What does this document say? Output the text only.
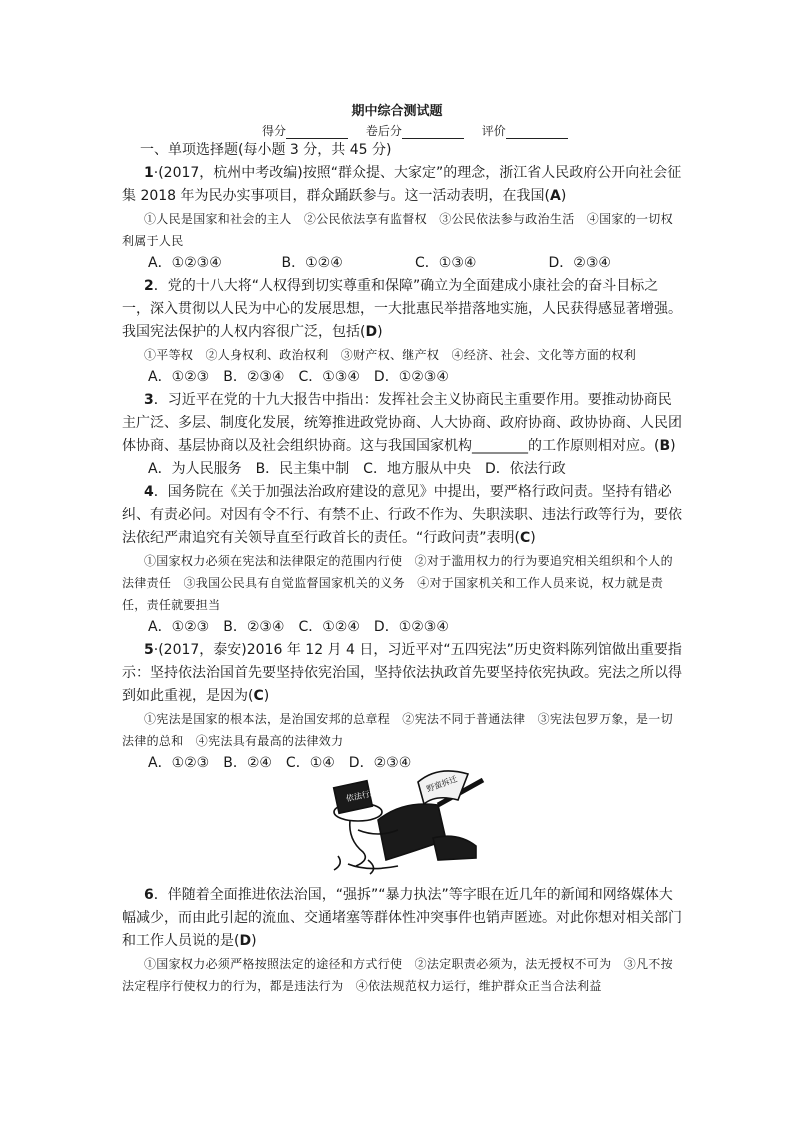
期中综合测试题
得分	卷后分	评价

一、单项选择题(每小题 3 分，共 45 分)

1·(2017，杭州中考改编)按照“群众提、大家定”的理念，浙江省人民政府公开向社会征集 2018 年为民办实事项目，群众踊跃参与。这一活动表明，在我国(A)

①人民是国家和社会的主人　②公民依法享有监督权　③公民依法参与政治生活　④国家的一切权利属于人民

A．①②③④	B．①②④	C．①③④	D．②③④

2．党的十八大将“人权得到切实尊重和保障”确立为全面建成小康社会的奋斗目标之一，深入贯彻以人民为中心的发展思想，一大批惠民举措落地实施，人民获得感显著增强。我国宪法保护的人权内容很广泛，包括(D)

①平等权　②人身权利、政治权利　③财产权、继产权　④经济、社会、文化等方面的权利

A．①②③　B．②③④　C．①③④　D．①②③④

3．习近平在党的十九大报告中指出：发挥社会主义协商民主重要作用。要推动协商民主广泛、多层、制度化发展，统筹推进政党协商、人大协商、政府协商、政协协商、人民团体协商、基层协商以及社会组织协商。这与我国国家机构________的工作原则相对应。(B)

A．为人民服务　B．民主集中制　C．地方服从中央　D．依法行政

4．国务院在《关于加强法治政府建设的意见》中提出，要严格行政问责。坚持有错必纠、有责必问。对因有令不行、有禁不止、行政不作为、失职渎职、违法行政等行为，要依法依纪严肃追究有关领导直至行政首长的责任。“行政问责”表明(C)

①国家权力必须在宪法和法律限定的范围内行使　②对于滥用权力的行为要追究相关组织和个人的法律责任　③我国公民具有自觉监督国家机关的义务　④对于国家机关和工作人员来说，权力就是责任，责任就要担当

A．①②③　B．②③④　C．①②④　D．①②③④

5·(2017，泰安)2016 年 12 月 4 日，习近平对“五四宪法”历史资料陈列馆做出重要指示：坚持依法治国首先要坚持依宪治国，坚持依法执政首先要坚持依宪执政。宪法之所以得到如此重视，是因为(C)

①宪法是国家的根本法，是治国安邦的总章程　②宪法不同于普通法律　③宪法包罗万象，是一切法律的总和　④宪法具有最高的法律效力

A．①②③　B．②④　C．①④　D．②③④

依法行政
野蛮拆迁

6．伴随着全面推进依法治国，“强拆”“暴力执法”等字眼在近几年的新闻和网络媒体大幅减少，而由此引起的流血、交通堵塞等群体性冲突事件也销声匿迹。对此你想对相关部门和工作人员说的是(D)

①国家权力必须严格按照法定的途径和方式行使　②法定职责必须为，法无授权不可为　③凡不按法定程序行使权力的行为，都是违法行为　④依法规范权力运行，维护群众正当合法利益
